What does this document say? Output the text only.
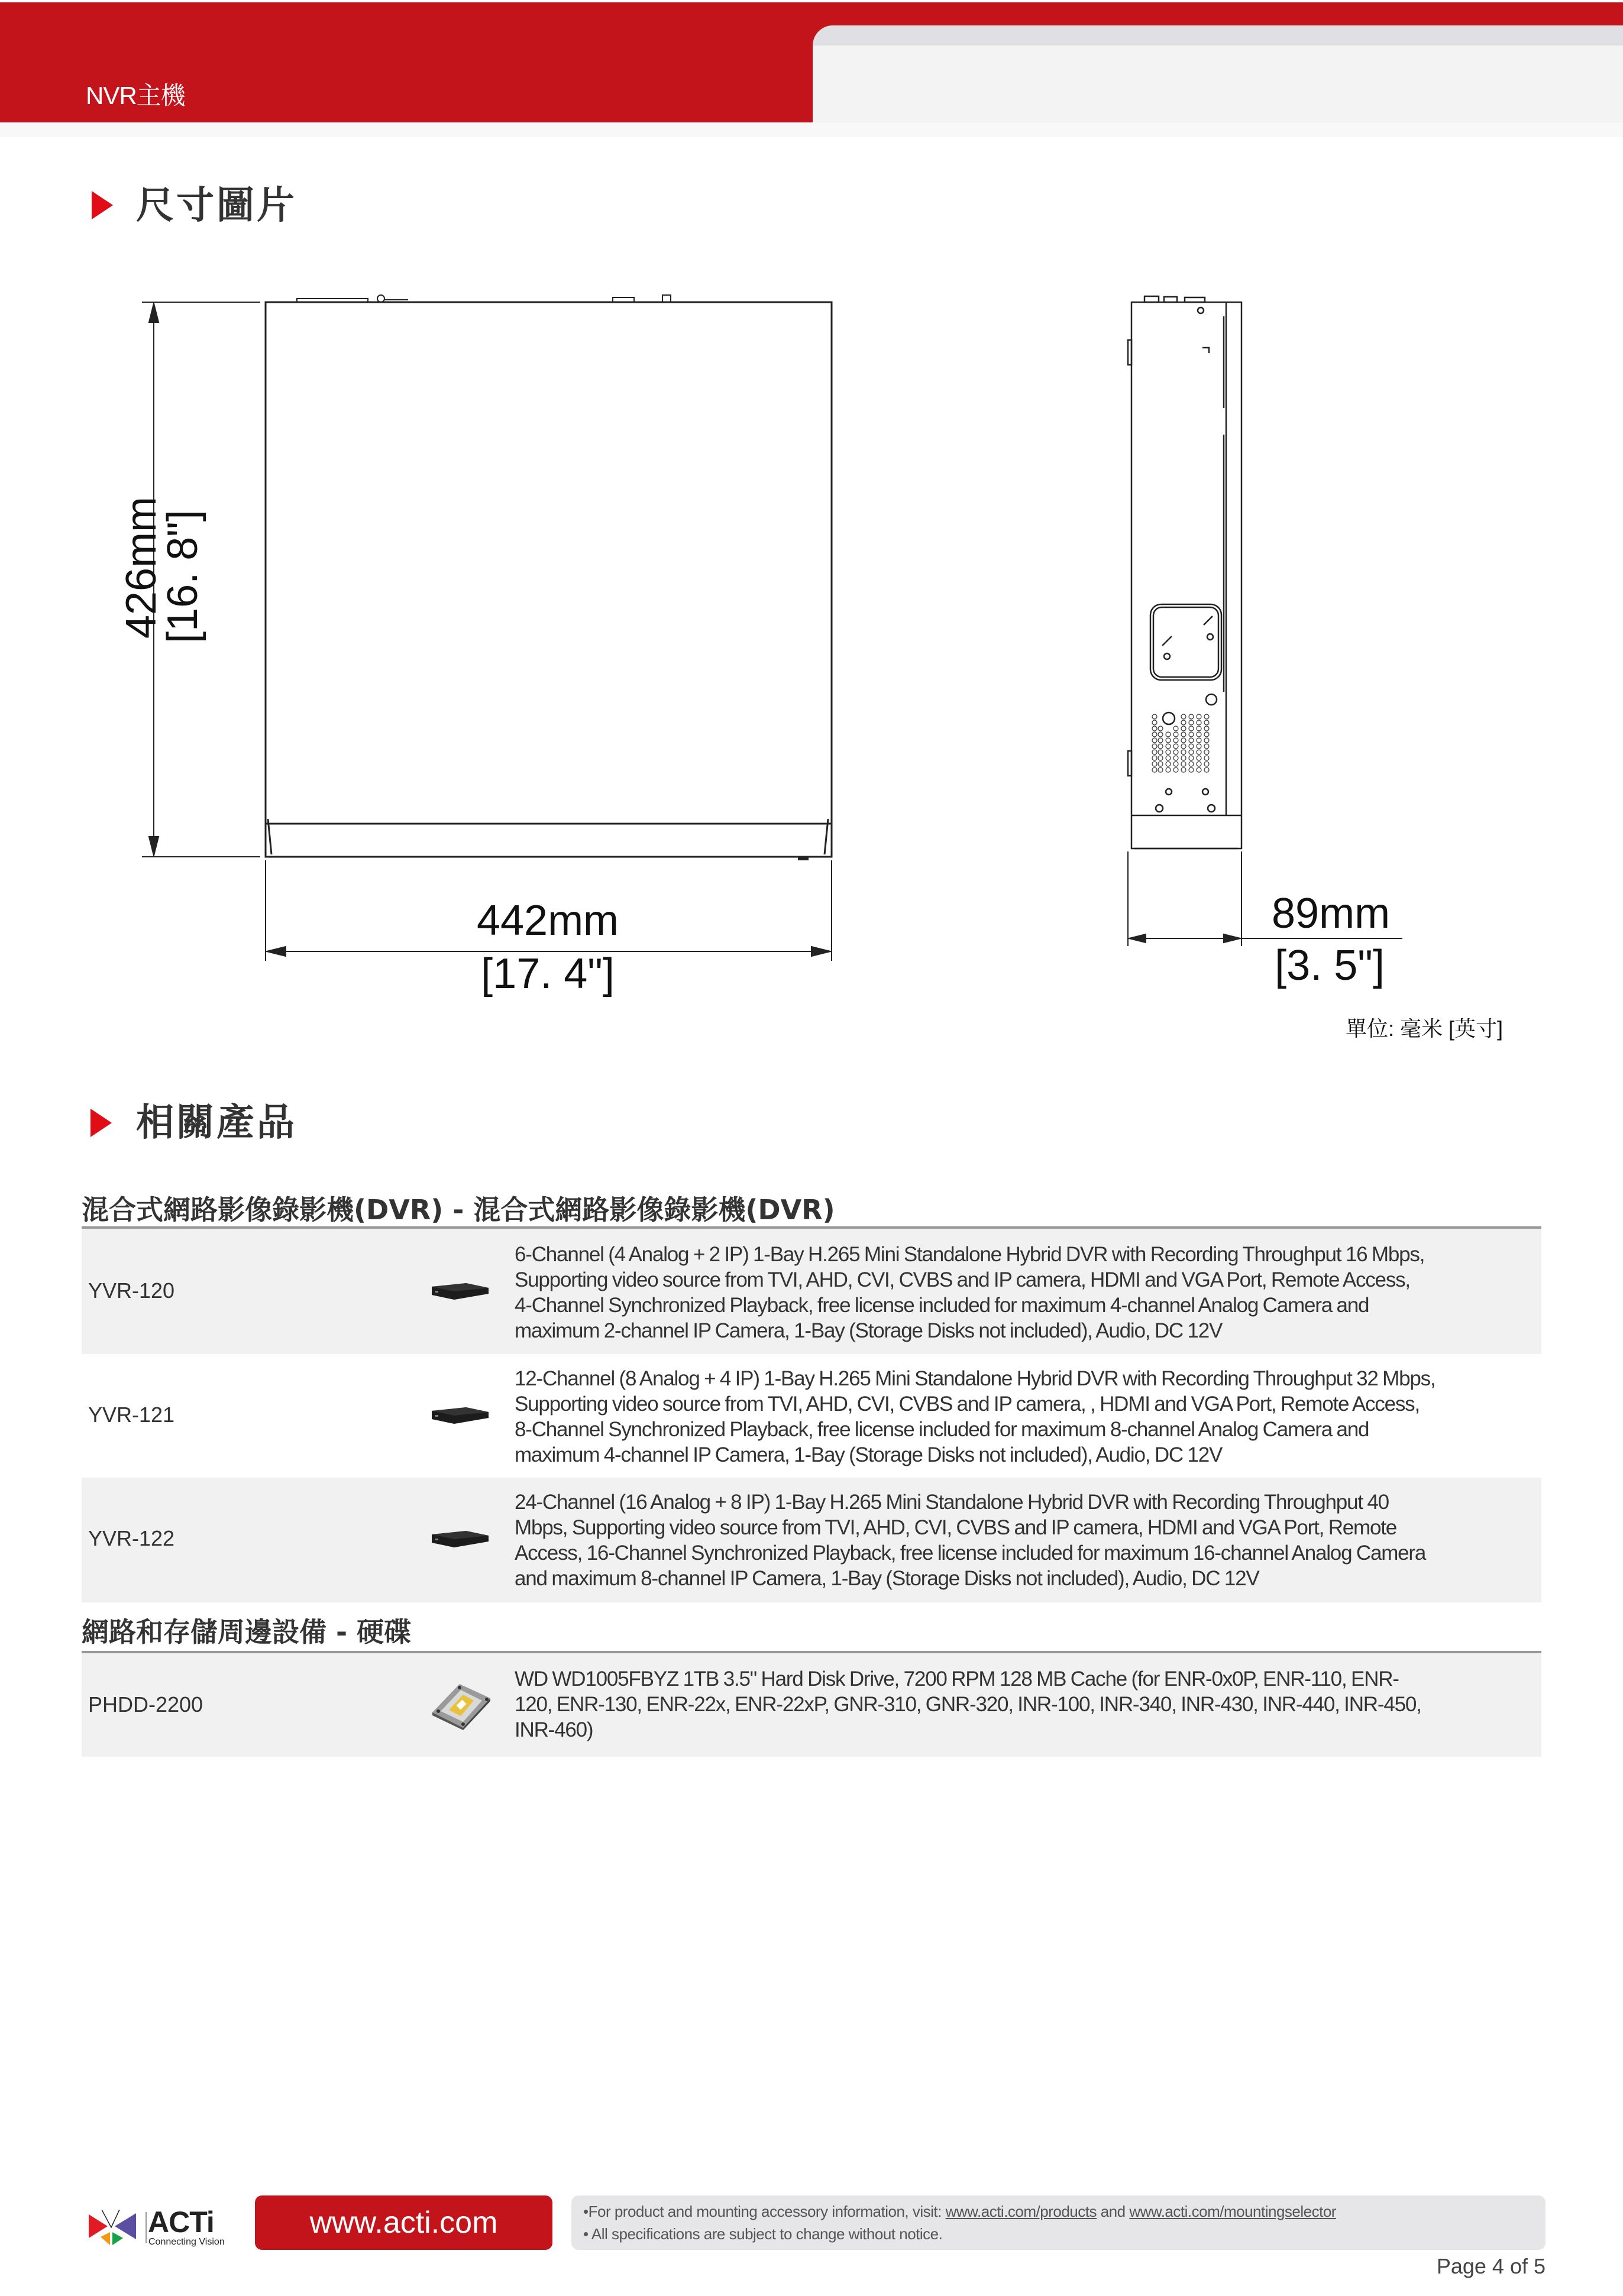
NVR主機
尺寸圖片
426mm
[16. 8"]
442mm
[17. 4"]
89mm
[3. 5"]
單位: 毫米 [英寸]
相關產品
混合式網路影像錄影機(DVR) - 混合式網路影像錄影機(DVR)
YVR-120
6-Channel (4 Analog + 2 IP) 1-Bay H.265 Mini Standalone Hybrid DVR with Recording Throughput 16 Mbps,
Supporting video source from TVI, AHD, CVI, CVBS and IP camera, HDMI and VGA Port, Remote Access,
4-Channel Synchronized Playback, free license included for maximum 4-channel Analog Camera and
maximum 2-channel IP Camera, 1-Bay (Storage Disks not included), Audio, DC 12V
YVR-121
12-Channel (8 Analog + 4 IP) 1-Bay H.265 Mini Standalone Hybrid DVR with Recording Throughput 32 Mbps,
Supporting video source from TVI, AHD, CVI, CVBS and IP camera, , HDMI and VGA Port, Remote Access,
8-Channel Synchronized Playback, free license included for maximum 8-channel Analog Camera and
maximum 4-channel IP Camera, 1-Bay (Storage Disks not included), Audio, DC 12V
YVR-122
24-Channel (16 Analog + 8 IP) 1-Bay H.265 Mini Standalone Hybrid DVR with Recording Throughput 40
Mbps, Supporting video source from TVI, AHD, CVI, CVBS and IP camera, HDMI and VGA Port, Remote
Access, 16-Channel Synchronized Playback, free license included for maximum 16-channel Analog Camera
and maximum 8-channel IP Camera, 1-Bay (Storage Disks not included), Audio, DC 12V
網路和存儲周邊設備 - 硬碟
PHDD-2200
WD WD1005FBYZ 1TB 3.5" Hard Disk Drive, 7200 RPM 128 MB Cache (for ENR-0x0P, ENR-110, ENR-
120, ENR-130, ENR-22x, ENR-22xP, GNR-310, GNR-320, INR-100, INR-340, INR-430, INR-440, INR-450,
INR-460)
ACTi
Connecting Vision
www.acti.com	•For product and mounting accessory information, visit: www.acti.com/products and www.acti.com/mountingselector
• All specifications are subject to change without notice.
Page 4 of 5
